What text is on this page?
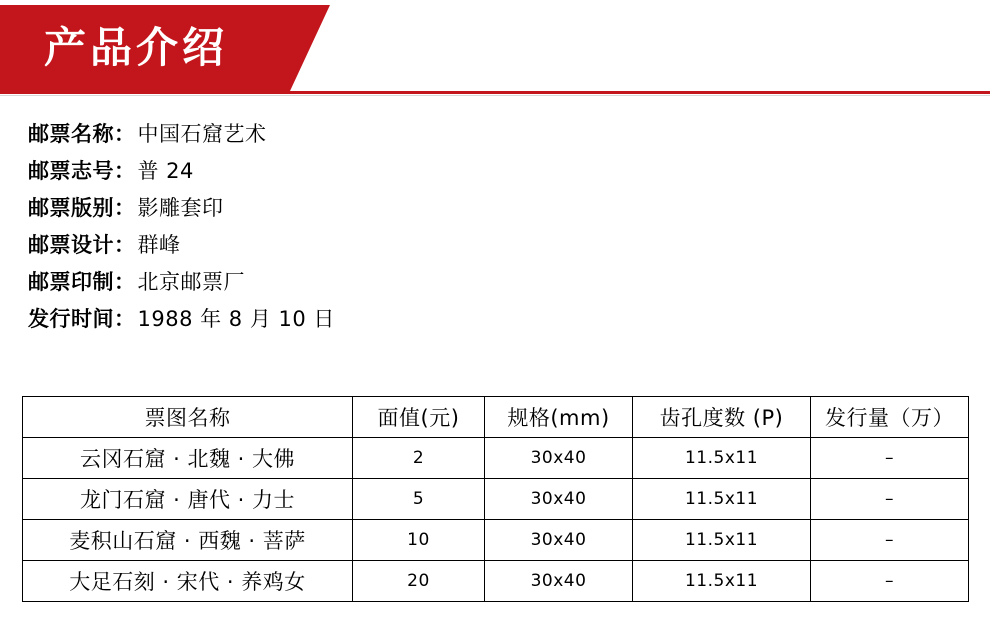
产品介绍
邮票名称： 中国石窟艺术
邮票志号： 普 24
邮票版别： 影雕套印
邮票设计： 群峰
邮票印制： 北京邮票厂
发行时间： 1988 年 8 月 10 日
票图名称	面值(元)	规格(mm)	齿孔度数 (P)	发行量（万）
云冈石窟 · 北魏 · 大佛	2	30x40	11.5x11	–
龙门石窟 · 唐代 · 力士	5	30x40	11.5x11	–
麦积山石窟 · 西魏 · 菩萨	10	30x40	11.5x11	–
大足石刻 · 宋代 · 养鸡女	20	30x40	11.5x11	–
